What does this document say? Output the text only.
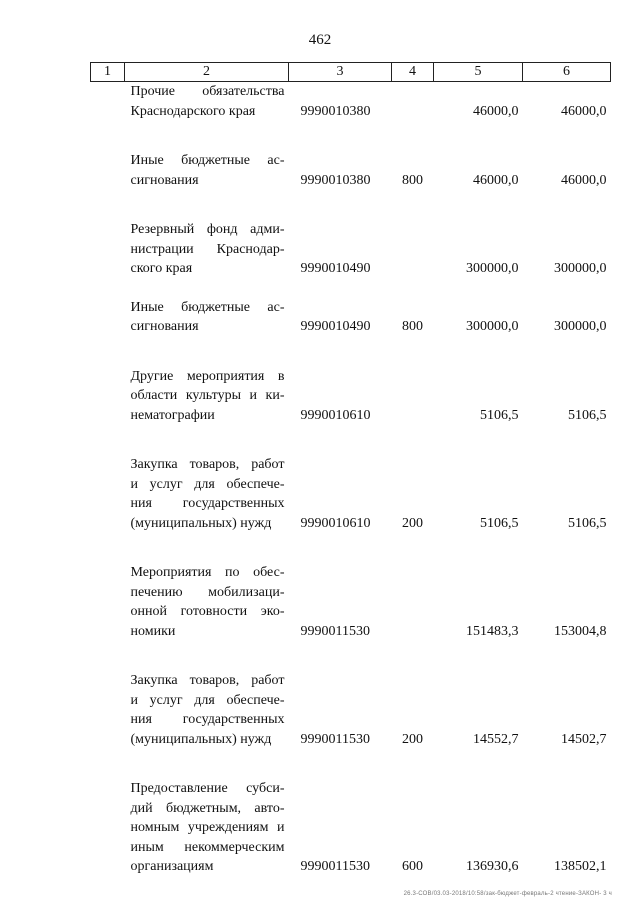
462
1	2	3	4	5	6

	Прочие обязательства
Краснодарского края	9990010380		46000,0	46000,0

	Иные бюджетные ас-
сигнования	9990010380	800	46000,0	46000,0

	Резервный фонд адми-
нистрации Краснодар-
ского края	9990010490		300000,0	300000,0

	Иные бюджетные ас-
сигнования	9990010490	800	300000,0	300000,0

	Другие мероприятия в
области культуры и ки-
нематографии	9990010610		5106,5	5106,5

	Закупка товаров, работ
и услуг для обеспече-
ния государственных
(муниципальных) нужд	9990010610	200	5106,5	5106,5

	Мероприятия по обес-
печению мобилизаци-
онной готовности эко-
номики	9990011530		151483,3	153004,8

	Закупка товаров, работ
и услуг для обеспече-
ния государственных
(муниципальных) нужд	9990011530	200	14552,7	14502,7

	Предоставление субси-
дий бюджетным, авто-
номным учреждениям и
иным некоммерческим
организациям	9990011530	600	136930,6	138502,1
26.3-СОВ/03.03-2018/10:58/зак-бюджет-февраль-2 чтение-ЗАКОН- 3 ч
